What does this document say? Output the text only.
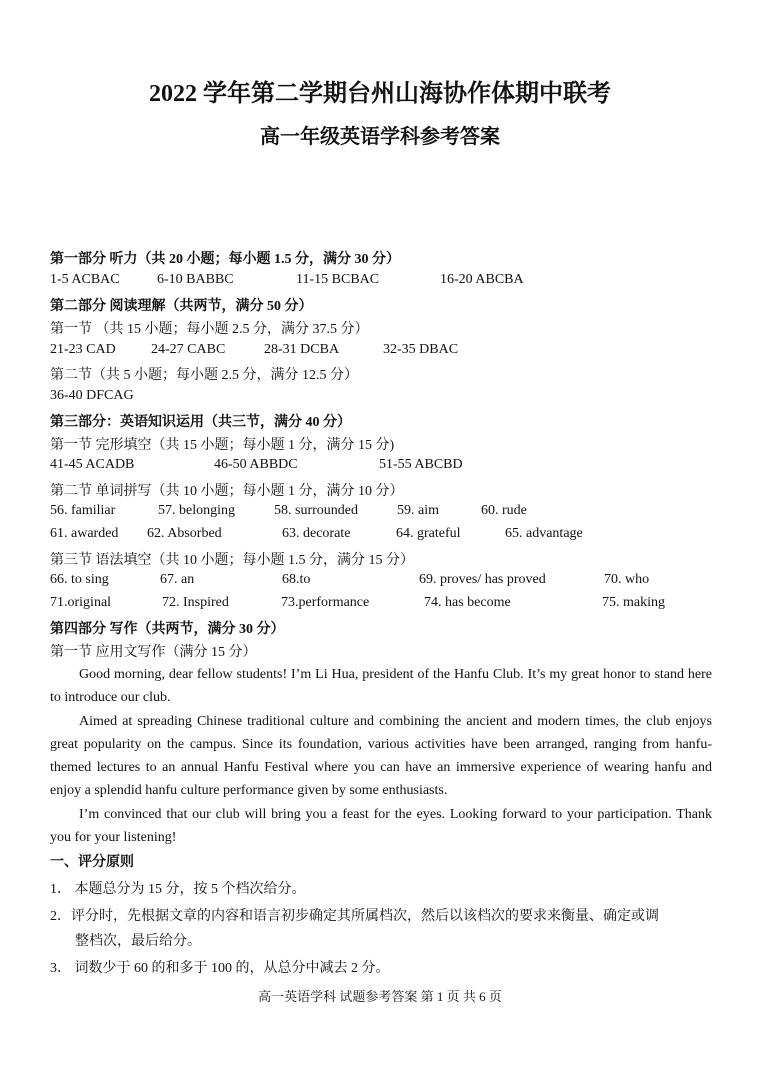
2022 学年第二学期台州山海协作体期中联考
高一年级英语学科参考答案
第一部分 听力（共 20 小题；每小题 1.5 分，满分 30 分）
1-5 ACBAC	6-10 BABBC	11-15 BCBAC	16-20 ABCBA
第二部分 阅读理解（共两节，满分 50 分）
第一节 （共 15 小题；每小题 2.5 分，满分 37.5 分）
21-23 CAD	24-27 CABC	28-31 DCBA	32-35 DBAC
第二节（共 5 小题；每小题 2.5 分，满分 12.5 分）
36-40 DFCAG
第三部分：英语知识运用（共三节，满分 40 分）
第一节 完形填空（共 15 小题；每小题 1 分，满分 15 分)
41-45 ACADB	46-50 ABBDC	51-55 ABCBD
第二节 单词拼写（共 10 小题；每小题 1 分，满分 10 分）
56. familiar	57. belonging	58. surrounded	59. aim	60. rude
61. awarded 62. Absorbed	63. decorate	64. grateful	65. advantage
第三节 语法填空（共 10 小题；每小题 1.5 分，满分 15 分）
66. to sing	67. an	68.to	69. proves/ has proved	70. who
71.original	72. Inspired	73.performance	74. has become	75. making
第四部分 写作（共两节，满分 30 分）
第一节 应用文写作（满分 15 分）

Good morning, dear fellow students! I’m Li Hua, president of the Hanfu Club. It’s my great honor to stand here to introduce our club.

Aimed at spreading Chinese traditional culture and combining the ancient and modern times, the club enjoys great popularity on the campus. Since its foundation, various activities have been arranged, ranging from hanfu-themed lectures to an annual Hanfu Festival where you can have an immersive experience of wearing hanfu and enjoy a splendid hanfu culture performance given by some enthusiasts.

I’m convinced that our club will bring you a feast for the eyes. Looking forward to your participation. Thank you for your listening!

一、评分原则
1． 本题总分为 15 分，按 5 个档次给分。
2．评分时，先根据文章的内容和语言初步确定其所属档次，然后以该档次的要求来衡量、确定或调
整档次，最后给分。
3． 词数少于 60 的和多于 100 的，从总分中减去 2 分。
高一英语学科 试题参考答案 第 1 页 共 6 页
